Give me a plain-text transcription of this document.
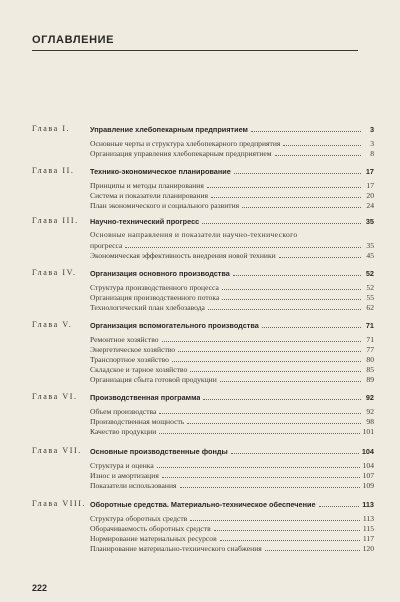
ОГЛАВЛЕНИЕ
Глава I.	Управление хлебопекарным предприятием	3
Основные черты и структура хлебопекарного предприятия	3
Организация управления хлебопекарным предприятием	8
Глава II. Технико-экономическое планирование	17
Принципы и методы планирования	17
Система и показатели планирования	20
План экономического и социального развития	24
Глава III. Научно-технический прогресс	35
Основные направления и показатели научно-технического
прогресса	35
Экономическая эффективность внедрения новой техники	45
Глава IV. Организация основного производства	52
Структура производственного процесса	52
Организация производственного потока	55
Технологический план хлебозавода	62
Глава V. Организация вспомогательного производства	71
Ремонтное хозяйство	71
Энергетическое хозяйство	77
Транспортное хозяйство	80
Складское и тарное хозяйство	85
Организация сбыта готовой продукции	89
Глава VI. Производственная программа	92
Объем производства	92
Производственная мощность	98
Качество продукции	101
Глава VII. Основные производственные фонды	104
Структура и оценка	104
Износ и амортизация	107
Показатели использования	109
Глава VIII. Оборотные средства. Материально-техническое обеспечение	113
Структура оборотных средств	113
Оборачиваемость оборотных средств	115
Нормирование материальных ресурсов	117
Планирование материально-технического снабжения	120
222
